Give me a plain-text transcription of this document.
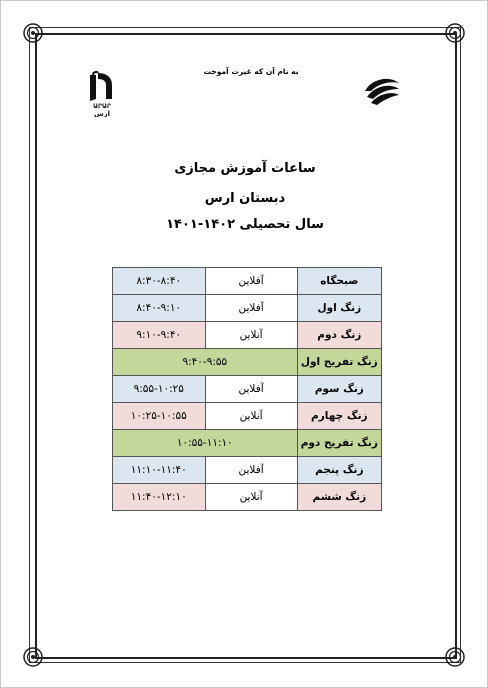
به نام آن که غیرت آموخت
ԱՐԱՐ
ارس
ساعات آموزش مجازی
دبستان ارس
سال تحصیلی ۱۴۰۲-۱۴۰۱
صبحگاه	آفلاین	۸:۳۰-۸:۴۰
زنگ اول	آفلاین	۸:۴۰-۹:۱۰
زنگ دوم	آنلاین	۹:۱۰-۹:۴۰
زنگ تفریح اول	۹:۴۰-۹:۵۵	
زنگ سوم	آفلاین	۹:۵۵-۱۰:۲۵
زنگ چهارم	آنلاین	۱۰:۲۵-۱۰:۵۵
زنگ تفریح دوم	۱۰:۵۵-۱۱:۱۰	
زنگ پنجم	آفلاین	۱۱:۱۰-۱۱:۴۰
زنگ ششم	آنلاین	۱۱:۴۰-۱۲:۱۰
